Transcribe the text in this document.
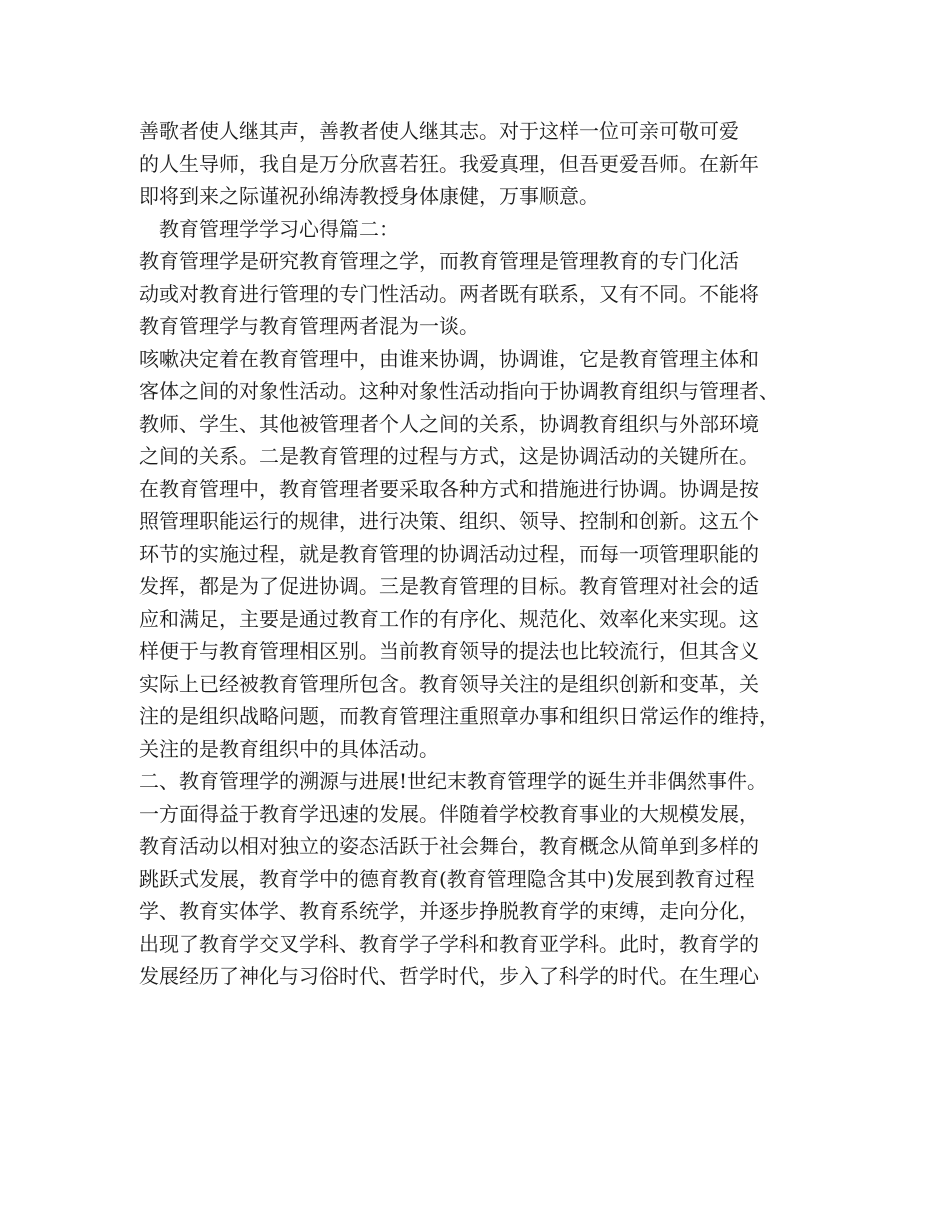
善歌者使人继其声，善教者使人继其志。对于这样一位可亲可敬可爱
的人生导师，我自是万分欣喜若狂。我爱真理，但吾更爱吾师。在新年
即将到来之际谨祝孙绵涛教授身体康健，万事顺意。
　教育管理学学习心得篇二：
教育管理学是研究教育管理之学，而教育管理是管理教育的专门化活
动或对教育进行管理的专门性活动。两者既有联系，又有不同。不能将
教育管理学与教育管理两者混为一谈。
咳嗽决定着在教育管理中，由谁来协调，协调谁，它是教育管理主体和
客体之间的对象性活动。这种对象性活动指向于协调教育组织与管理者、
教师、学生、其他被管理者个人之间的关系，协调教育组织与外部环境
之间的关系。二是教育管理的过程与方式，这是协调活动的关键所在。
在教育管理中，教育管理者要采取各种方式和措施进行协调。协调是按
照管理职能运行的规律，进行决策、组织、领导、控制和创新。这五个
环节的实施过程，就是教育管理的协调活动过程，而每一项管理职能的
发挥，都是为了促进协调。三是教育管理的目标。教育管理对社会的适
应和满足，主要是通过教育工作的有序化、规范化、效率化来实现。这
样便于与教育管理相区别。当前教育领导的提法也比较流行，但其含义
实际上已经被教育管理所包含。教育领导关注的是组织创新和变革，关
注的是组织战略问题，而教育管理注重照章办事和组织日常运作的维持，
关注的是教育组织中的具体活动。
二、教育管理学的溯源与进展!世纪末教育管理学的诞生并非偶然事件。
一方面得益于教育学迅速的发展。伴随着学校教育事业的大规模发展，
教育活动以相对独立的姿态活跃于社会舞台，教育概念从简单到多样的
跳跃式发展，教育学中的德育教育(教育管理隐含其中)发展到教育过程
学、教育实体学、教育系统学，并逐步挣脱教育学的束缚，走向分化，
出现了教育学交叉学科、教育学子学科和教育亚学科。此时，教育学的
发展经历了神化与习俗时代、哲学时代，步入了科学的时代。在生理心
